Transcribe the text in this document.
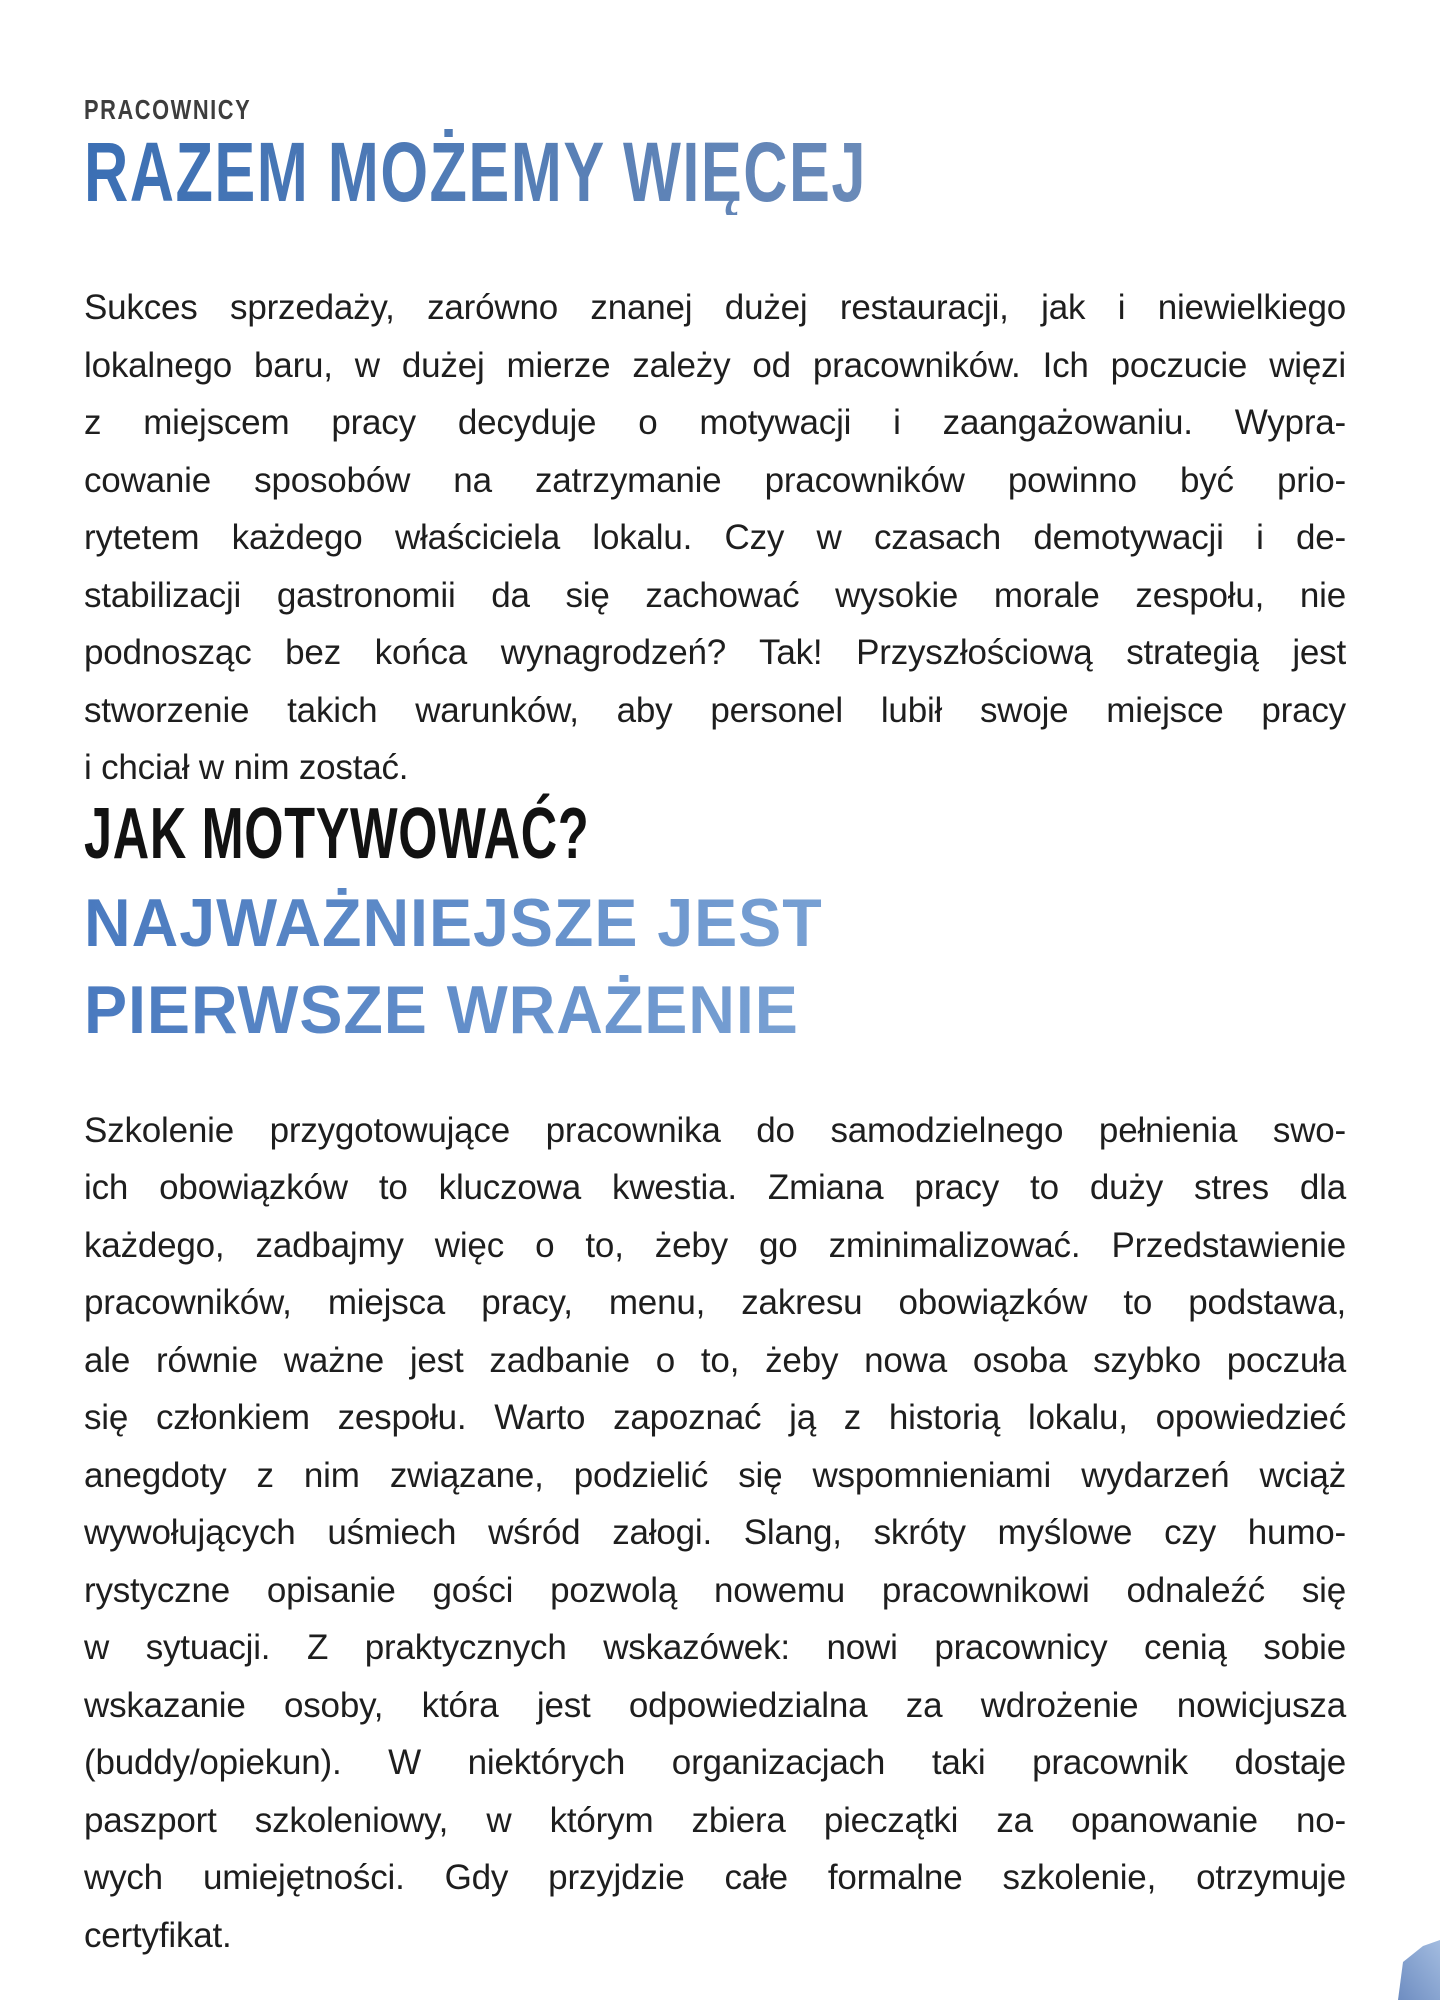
PRACOWNICY
RAZEM MOŻEMY WIĘCEJ
Sukces sprzedaży, zarówno znanej dużej restauracji, jak i niewielkiego
lokalnego baru, w dużej mierze zależy od pracowników. Ich poczucie więzi
z miejscem pracy decyduje o motywacji i zaangażowaniu. Wypra-
cowanie sposobów na zatrzymanie pracowników powinno być prio-
rytetem każdego właściciela lokalu. Czy w czasach demotywacji i de-
stabilizacji gastronomii da się zachować wysokie morale zespołu, nie
podnosząc bez końca wynagrodzeń? Tak! Przyszłościową strategią jest
stworzenie takich warunków, aby personel lubił swoje miejsce pracy
i chciał w nim zostać.
JAK MOTYWOWAĆ?
NAJWAŻNIEJSZE JEST
PIERWSZE WRAŻENIE
Szkolenie przygotowujące pracownika do samodzielnego pełnienia swo-
ich obowiązków to kluczowa kwestia. Zmiana pracy to duży stres dla
każdego, zadbajmy więc o to, żeby go zminimalizować. Przedstawienie
pracowników, miejsca pracy, menu, zakresu obowiązków to podstawa,
ale równie ważne jest zadbanie o to, żeby nowa osoba szybko poczuła
się członkiem zespołu. Warto zapoznać ją z historią lokalu, opowiedzieć
anegdoty z nim związane, podzielić się wspomnieniami wydarzeń wciąż
wywołujących uśmiech wśród załogi. Slang, skróty myślowe czy humo-
rystyczne opisanie gości pozwolą nowemu pracownikowi odnaleźć się
w sytuacji. Z praktycznych wskazówek: nowi pracownicy cenią sobie
wskazanie osoby, która jest odpowiedzialna za wdrożenie nowicjusza
(buddy/opiekun). W niektórych organizacjach taki pracownik dostaje
paszport szkoleniowy, w którym zbiera pieczątki za opanowanie no-
wych umiejętności. Gdy przyjdzie całe formalne szkolenie, otrzymuje
certyfikat.
